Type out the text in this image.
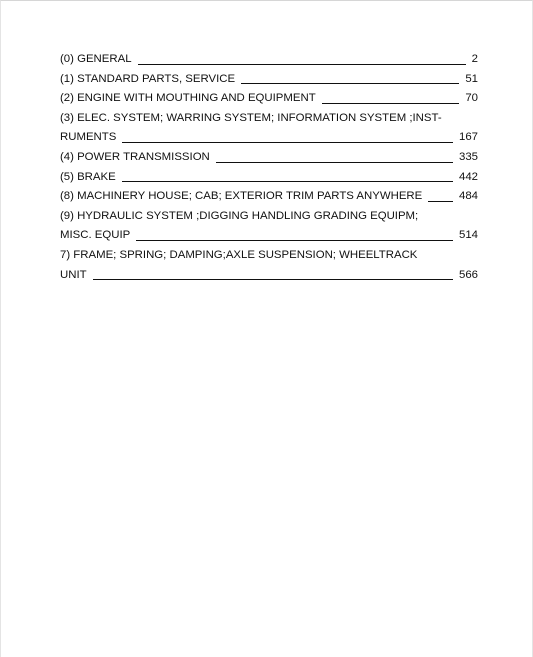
(0) GENERAL	2
(1) STANDARD PARTS, SERVICE	51
(2) ENGINE WITH MOUTHING AND EQUIPMENT	70
(3) ELEC. SYSTEM; WARRING SYSTEM; INFORMATION SYSTEM ;INST-
RUMENTS	167
(4) POWER TRANSMISSION	335
(5) BRAKE	442
(8) MACHINERY HOUSE; CAB; EXTERIOR TRIM PARTS ANYWHERE	484
(9) HYDRAULIC SYSTEM ;DIGGING HANDLING GRADING EQUIPM;
MISC. EQUIP	514
7) FRAME; SPRING; DAMPING;AXLE SUSPENSION; WHEELTRACK
UNIT	566
